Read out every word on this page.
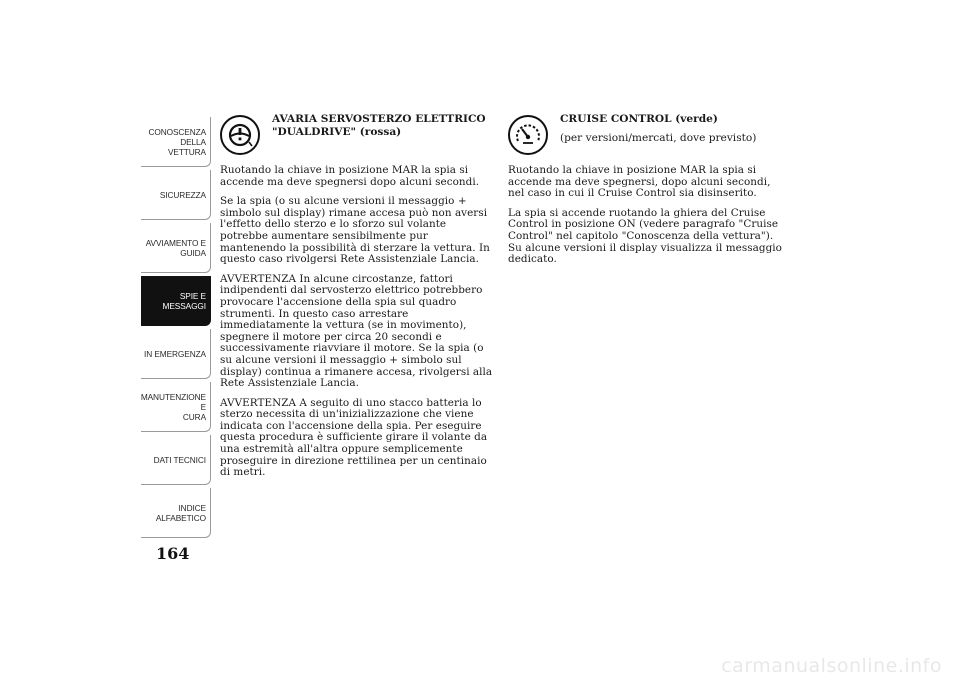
CONOSCENZA
DELLA VETTURA
SICUREZZA
AVVIAMENTO E
GUIDA
SPIE E MESSAGGI
IN EMERGENZA
MANUTENZIONE E
CURA
DATI TECNICI
INDICE
ALFABETICO
164
AVARIA SERVOSTERZO ELETTRICO "DUALDRIVE" (rossa)

Ruotando la chiave in posizione MAR la spia si accende ma deve spegnersi dopo alcuni secondi.

Se la spia (o su alcune versioni il messaggio + simbolo sul display) rimane accesa può non aversi l'effetto dello sterzo e lo sforzo sul volante potrebbe aumentare sensibilmente pur mantenendo la possibilità di sterzare la vettura. In questo caso rivolgersi Rete Assistenziale Lancia.

AVVERTENZA In alcune circostanze, fattori indipendenti dal servosterzo elettrico potrebbero provocare l'accensione della spia sul quadro strumenti. In questo caso arrestare immediatamente la vettura (se in movimento), spegnere il motore per circa 20 secondi e successivamente riavviare il motore. Se la spia (o su alcune versioni il messaggio + simbolo sul display) continua a rimanere accesa, rivolgersi alla Rete Assistenziale Lancia.

AVVERTENZA A seguito di uno stacco batteria lo sterzo necessita di un'inizializzazione che viene indicata con l'accensione della spia. Per eseguire questa procedura è sufficiente girare il volante da una estremità all'altra oppure semplicemente proseguire in direzione rettilinea per un centinaio di metri.

CRUISE CONTROL (verde)
(per versioni/mercati, dove previsto)

Ruotando la chiave in posizione MAR la spia si accende ma deve spegnersi, dopo alcuni secondi, nel caso in cui il Cruise Control sia disinserito.

La spia si accende ruotando la ghiera del Cruise Control in posizione ON (vedere paragrafo "Cruise Control" nel capitolo "Conoscenza della vettura"). Su alcune versioni il display visualizza il messaggio dedicato.

carmanualsonline.info
